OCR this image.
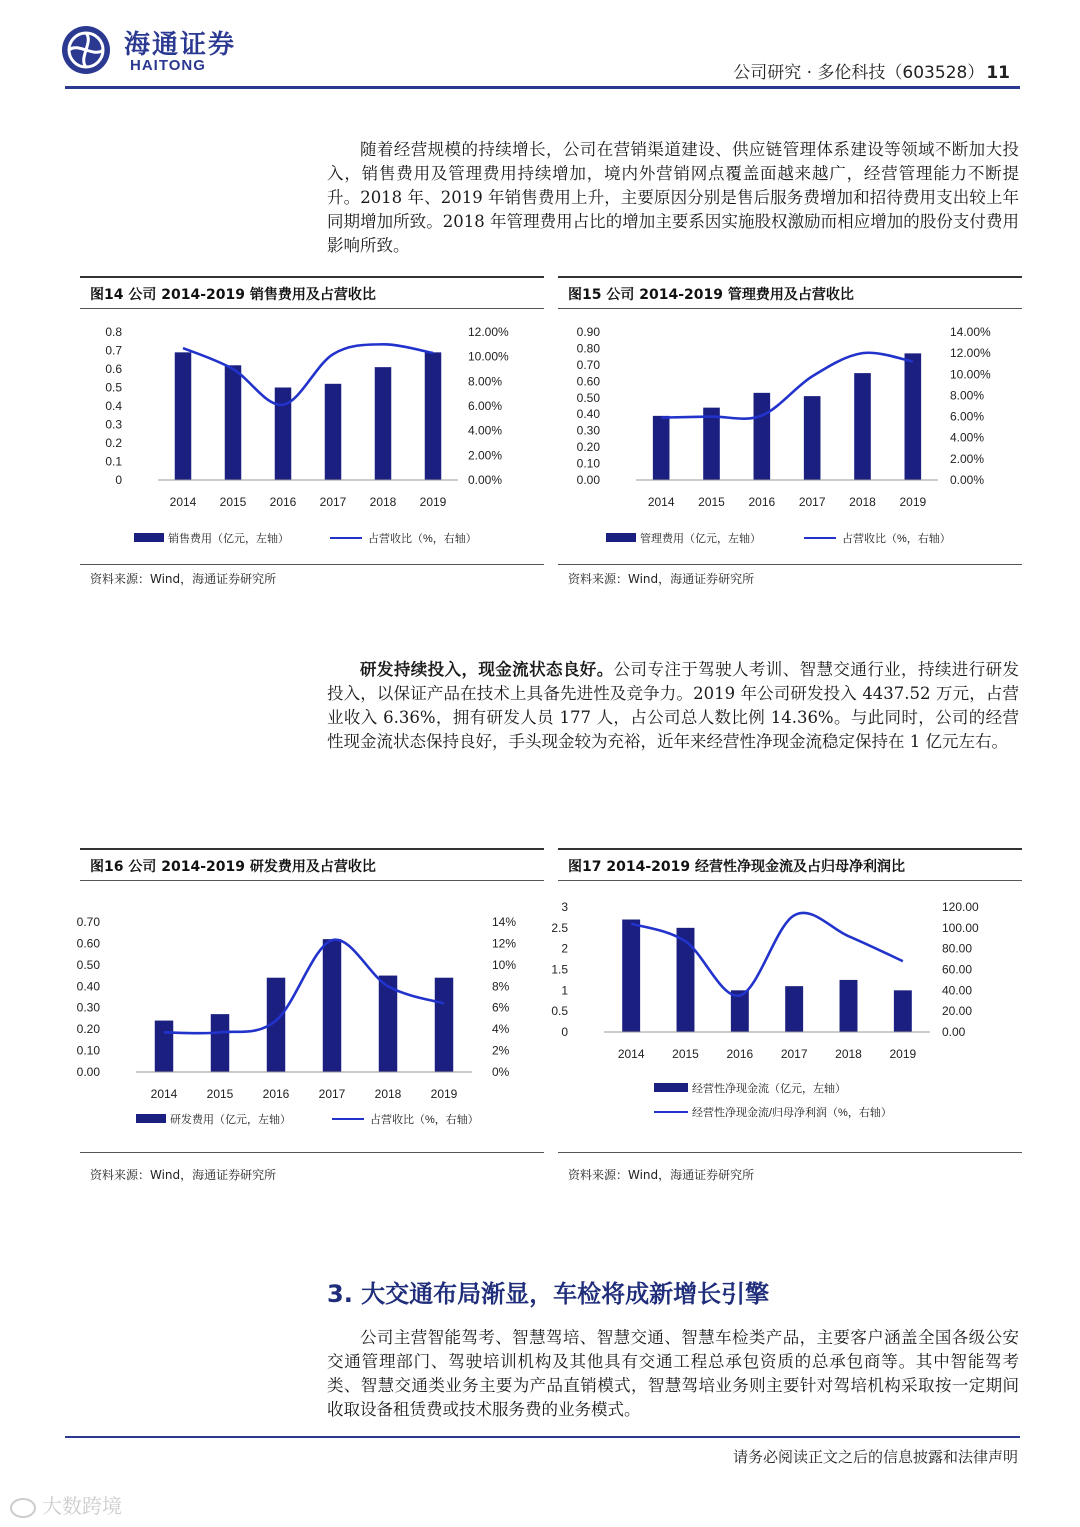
海通证券
HAITONG	公司研究 · 多伦科技（603528） 11
随着经营规模的持续增长，公司在营销渠道建设、供应链管理体系建设等领域不断加大投入，销售费用及管理费用持续增加，境内外营销网点覆盖面越来越广，经营管理能力不断提升。2018 年、2019 年销售费用上升，主要原因分别是售后服务费增加和招待费用支出较上年同期增加所致。2018 年管理费用占比的增加主要系因实施股权激励而相应增加的股份支付费用影响所致。
图14 公司 2014-2019 销售费用及占营收比
0.8
0.7
0.6
0.5
0.4
0.3
0.2
0.1
0
12.00%
10.00%
8.00%
6.00%
4.00%
2.00%
0.00%
2014 2015 2016 2017 2018 2019
销售费用（亿元，左轴）	占营收比（%，右轴）
资料来源：Wind，海通证券研究所
图15 公司 2014-2019 管理费用及占营收比
0.90
0.80
0.70
0.60
0.50
0.40
0.30
0.20
0.10
0.00
14.00%
12.00%
10.00%
8.00%
6.00%
4.00%
2.00%
0.00%
2014 2015 2016 2017 2018 2019
管理费用（亿元，左轴）	占营收比（%，右轴）
资料来源：Wind，海通证券研究所
研发持续投入，现金流状态良好。公司专注于驾驶人考训、智慧交通行业，持续进行研发投入，以保证产品在技术上具备先进性及竞争力。2019 年公司研发投入 4437.52 万元，占营业收入 6.36%，拥有研发人员 177 人，占公司总人数比例 14.36%。与此同时，公司的经营性现金流状态保持良好，手头现金较为充裕，近年来经营性净现金流稳定保持在 1 亿元左右。
图16 公司 2014-2019 研发费用及占营收比
0.70
0.60
0.50
0.40
0.30
0.20
0.10
0.00
14%
12%
10%
8%
6%
4%
2%
0%
2014 2015 2016 2017 2018 2019
研发费用（亿元，左轴）	占营收比（%，右轴）
资料来源：Wind，海通证券研究所
图17 2014-2019 经营性净现金流及占归母净利润比
3
2.5
2
1.5
1
0.5
0
120.00
100.00
80.00
60.00
40.00
20.00
0.00
2014 2015 2016 2017 2018 2019
经营性净现金流（亿元，左轴）
经营性净现金流/归母净利润（%，右轴）
资料来源：Wind，海通证券研究所
3. 大交通布局渐显，车检将成新增长引擎
公司主营智能驾考、智慧驾培、智慧交通、智慧车检类产品，主要客户涵盖全国各级公安交通管理部门、驾驶培训机构及其他具有交通工程总承包资质的总承包商等。其中智能驾考类、智慧交通类业务主要为产品直销模式，智慧驾培业务则主要针对驾培机构采取按一定期间收取设备租赁费或技术服务费的业务模式。
请务必阅读正文之后的信息披露和法律声明
大数跨境
